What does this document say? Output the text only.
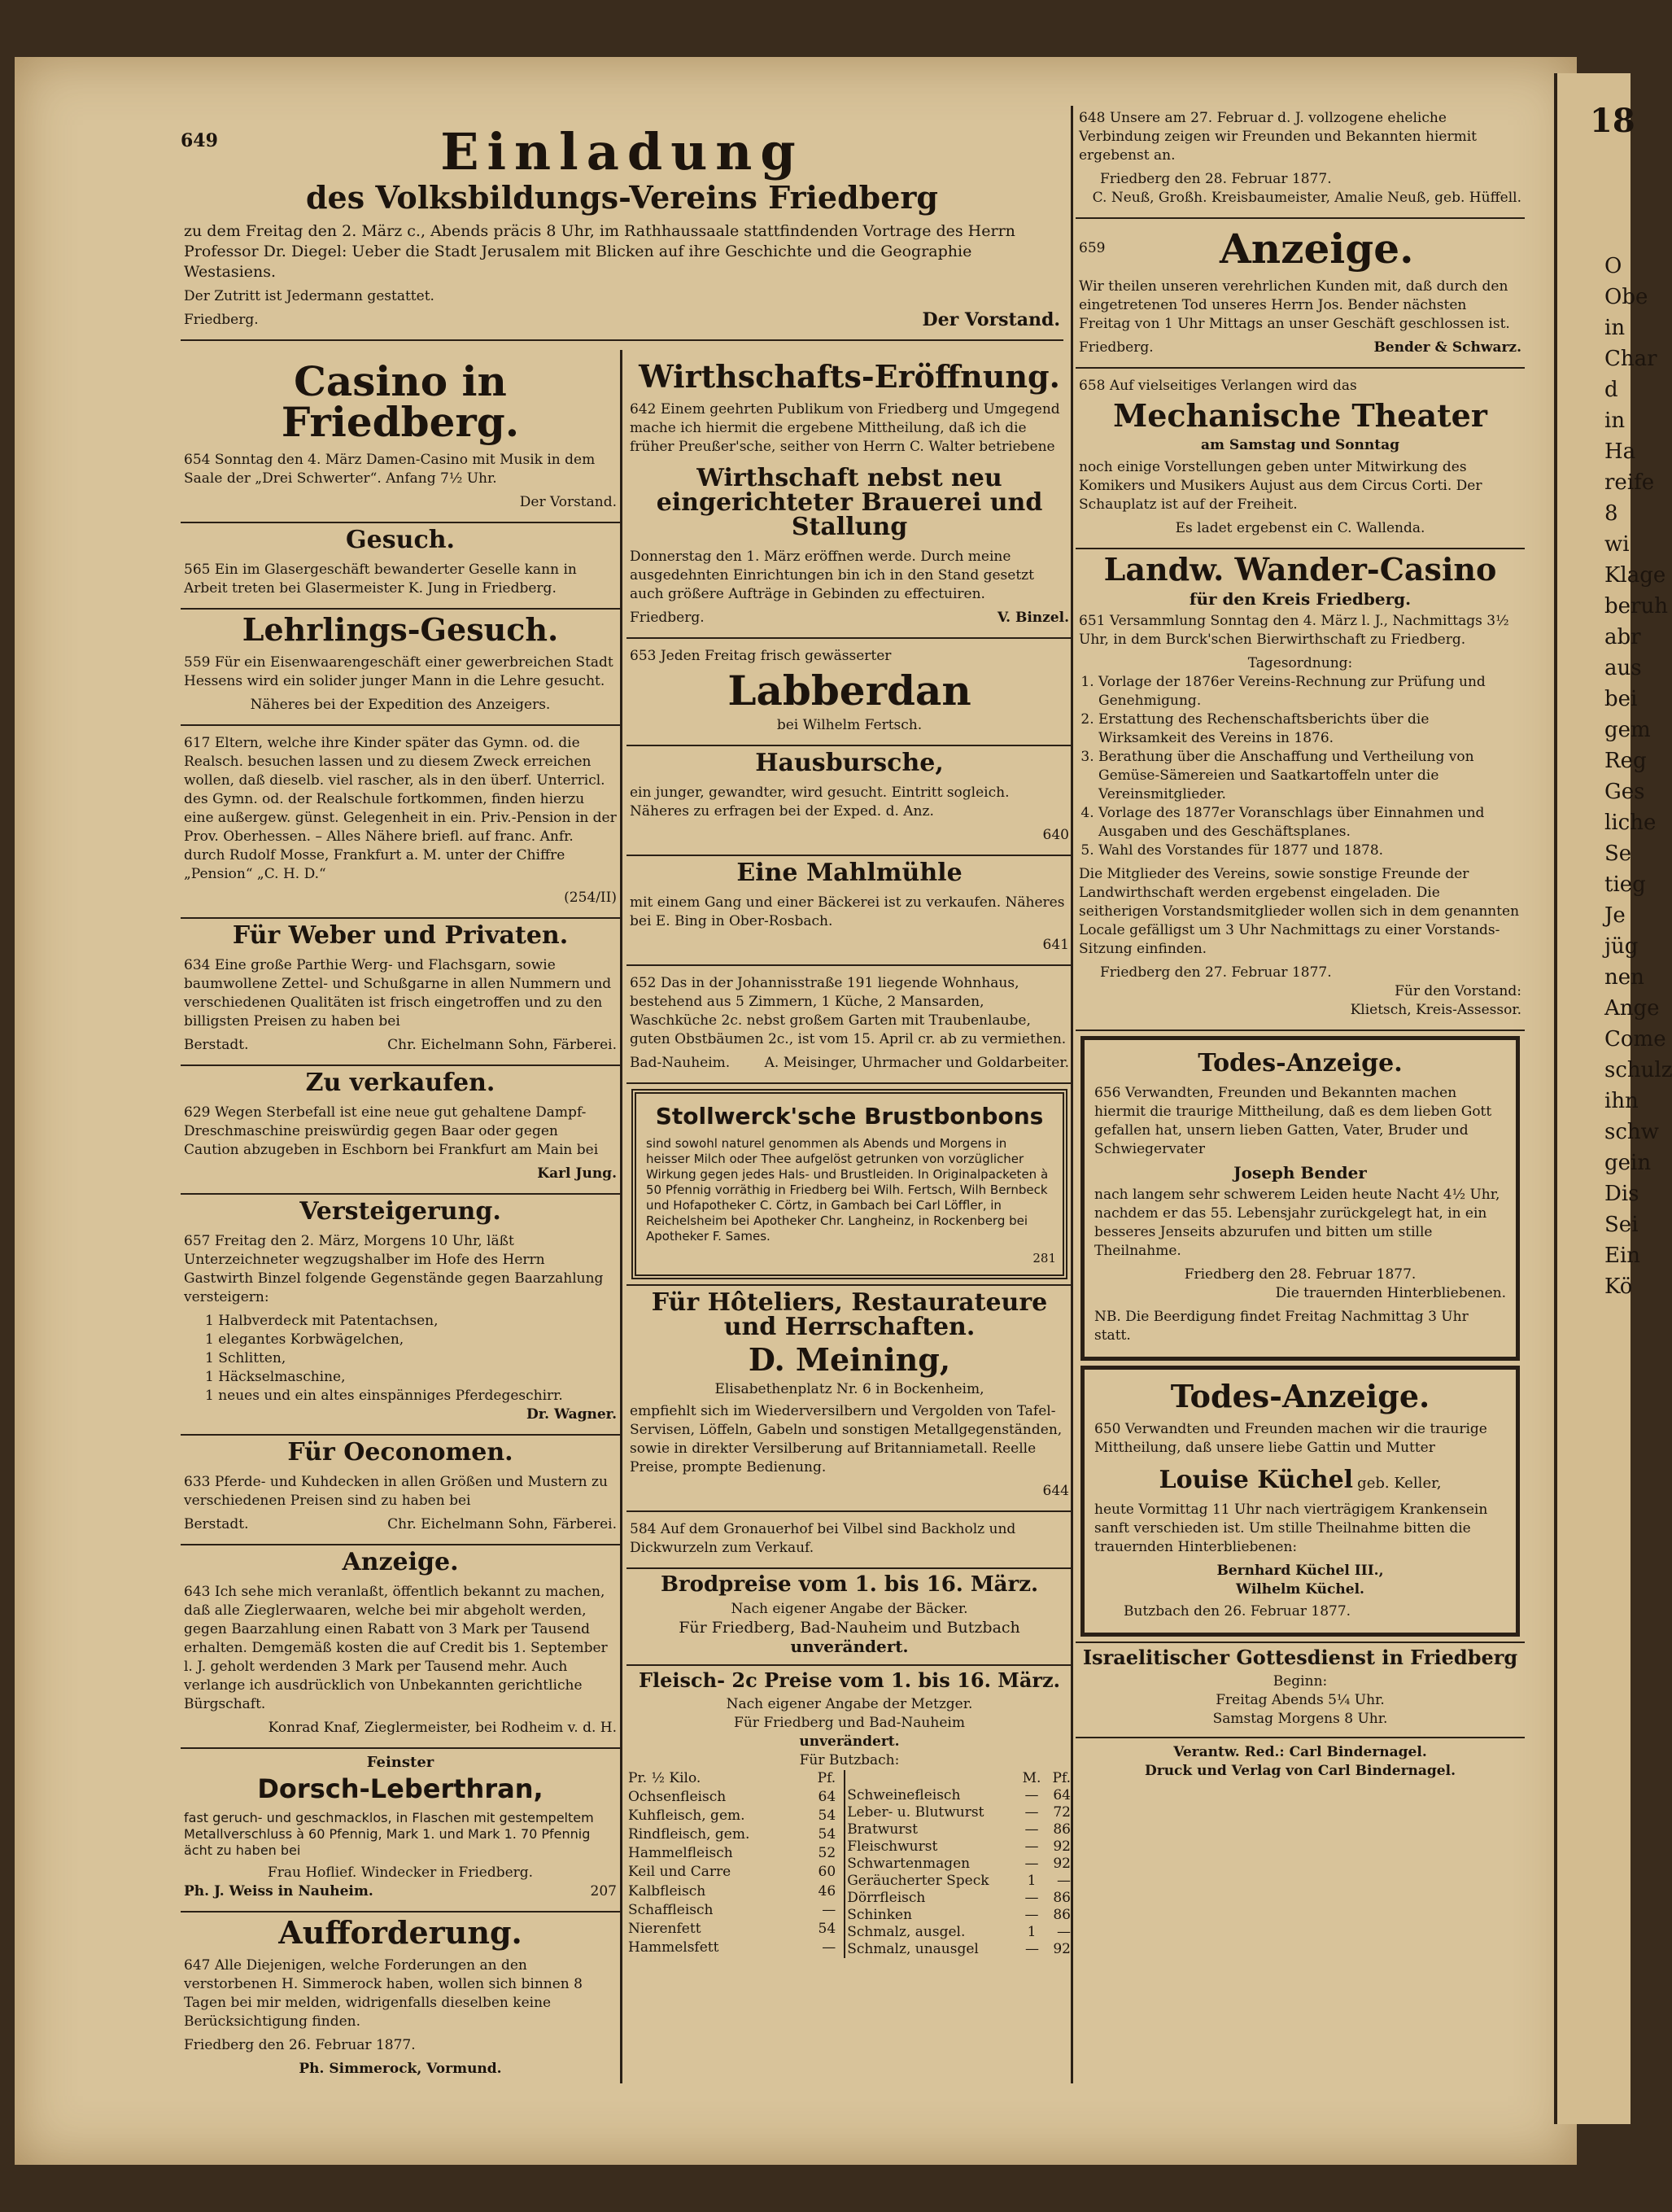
649	Einladung
des Volksbildungs-Vereins Friedberg
zu dem Freitag den 2. März c., Abends präcis 8 Uhr, im Rathhaussaale stattfindenden Vortrage des Herrn Professor Dr. Diegel: Ueber die Stadt Jerusalem mit Blicken auf ihre Geschichte und die Geographie Westasiens.
Der Zutritt ist Jedermann gestattet.
Friedberg.	Der Vorstand.
Casino in Friedberg.
654 Sonntag den 4. März Damen-Casino mit Musik in dem Saale der „Drei Schwerter“. Anfang 7½ Uhr.
Der Vorstand.
Gesuch.
565 Ein im Glasergeschäft bewanderter Geselle kann in Arbeit treten bei Glasermeister K. Jung in Friedberg.
Lehrlings-Gesuch.
559 Für ein Eisenwaarengeschäft einer gewerbreichen Stadt Hessens wird ein solider junger Mann in die Lehre gesucht.
Näheres bei der Expedition des Anzeigers.
617 Eltern, welche ihre Kinder später das Gymn. od. die Realsch. besuchen lassen und zu diesem Zweck erreichen wollen, daß dieselb. viel rascher, als in den überf. Unterricl. des Gymn. od. der Realschule fortkommen, finden hierzu eine außergew. günst. Gelegenheit in ein. Priv.-Pension in der Prov. Oberhessen. – Alles Nähere briefl. auf franc. Anfr. durch Rudolf Mosse, Frankfurt a. M. unter der Chiffre „Pension“ „C. H. D.“
(254/II)
Für Weber und Privaten.
634 Eine große Parthie Werg- und Flachsgarn, sowie baumwollene Zettel- und Schußgarne in allen Nummern und verschiedenen Qualitäten ist frisch eingetroffen und zu den billigsten Preisen zu haben bei
Berstadt.	Chr. Eichelmann Sohn, Färberei.
Zu verkaufen.
629 Wegen Sterbefall ist eine neue gut gehaltene Dampf-Dreschmaschine preiswürdig gegen Baar oder gegen Caution abzugeben in Eschborn bei Frankfurt am Main bei
Karl Jung.
Versteigerung.
657 Freitag den 2. März, Morgens 10 Uhr, läßt Unterzeichneter wegzugshalber im Hofe des Herrn Gastwirth Binzel folgende Gegenstände gegen Baarzahlung versteigern:
1 Halbverdeck mit Patentachsen,
1 elegantes Korbwägelchen,
1 Schlitten,
1 Häckselmaschine,
1 neues und ein altes einspänniges Pferdegeschirr.
Dr. Wagner.
Für Oeconomen.
633 Pferde- und Kuhdecken in allen Größen und Mustern zu verschiedenen Preisen sind zu haben bei
Berstadt.	Chr. Eichelmann Sohn, Färberei.
Anzeige.
643 Ich sehe mich veranlaßt, öffentlich bekannt zu machen, daß alle Zieglerwaaren, welche bei mir abgeholt werden, gegen Baarzahlung einen Rabatt von 3 Mark per Tausend erhalten. Demgemäß kosten die auf Credit bis 1. September l. J. geholt werdenden 3 Mark per Tausend mehr. Auch verlange ich ausdrücklich von Unbekannten gerichtliche Bürgschaft.
Konrad Knaf, Zieglermeister, bei Rodheim v. d. H.
Feinster
Dorsch-Leberthran,
fast geruch- und geschmacklos, in Flaschen mit gestempeltem Metallverschluss à 60 Pfennig, Mark 1. und Mark 1. 70 Pfennig ächt zu haben bei
Frau Hoflief. Windecker in Friedberg.
Ph. J. Weiss in Nauheim.	207
Aufforderung.
647 Alle Diejenigen, welche Forderungen an den verstorbenen H. Simmerock haben, wollen sich binnen 8 Tagen bei mir melden, widrigenfalls dieselben keine Berücksichtigung finden.
Friedberg den 26. Februar 1877.
Ph. Simmerock, Vormund.
Wirthschafts-Eröffnung.
642 Einem geehrten Publikum von Friedberg und Umgegend mache ich hiermit die ergebene Mittheilung, daß ich die früher Preußer'sche, seither von Herrn C. Walter betriebene
Wirthschaft nebst neu eingerichteter Brauerei und Stallung
Donnerstag den 1. März eröffnen werde. Durch meine ausgedehnten Einrichtungen bin ich in den Stand gesetzt auch größere Aufträge in Gebinden zu effectuiren.
Friedberg.	V. Binzel.
653 Jeden Freitag frisch gewässerter
Labberdan
bei Wilhelm Fertsch.
Hausbursche,
ein junger, gewandter, wird gesucht. Eintritt sogleich. Näheres zu erfragen bei der Exped. d. Anz.
640
Eine Mahlmühle
mit einem Gang und einer Bäckerei ist zu verkaufen. Näheres bei E. Bing in Ober-Rosbach.
641
652 Das in der Johannisstraße 191 liegende Wohnhaus, bestehend aus 5 Zimmern, 1 Küche, 2 Mansarden, Waschküche 2c. nebst großem Garten mit Traubenlaube, guten Obstbäumen 2c., ist vom 15. April cr. ab zu vermiethen.
Bad-Nauheim. A. Meisinger, Uhrmacher und Goldarbeiter.
Stollwerck'sche Brustbonbons
sind sowohl naturel genommen als Abends und Morgens in heisser Milch oder Thee aufgelöst getrunken von vorzüglicher Wirkung gegen jedes Hals- und Brustleiden. In Originalpacketen à 50 Pfennig vorräthig in Friedberg bei Wilh. Fertsch, Wilh Bernbeck und Hofapotheker C. Cörtz, in Gambach bei Carl Löffler, in Reichelsheim bei Apotheker Chr. Langheinz, in Rockenberg bei Apotheker F. Sames.
281
Für Hôteliers, Restaurateure und Herrschaften.
D. Meining,
Elisabethenplatz Nr. 6 in Bockenheim,
empfiehlt sich im Wiederversilbern und Vergolden von Tafel-Servisen, Löffeln, Gabeln und sonstigen Metallgegenständen, sowie in direkter Versilberung auf Britanniametall. Reelle Preise, prompte Bedienung.
644
584 Auf dem Gronauerhof bei Vilbel sind Backholz und Dickwurzeln zum Verkauf.
Brodpreise vom 1. bis 16. März.
Nach eigener Angabe der Bäcker.
Für Friedberg, Bad-Nauheim und Butzbach
unverändert.
Fleisch- 2c Preise vom 1. bis 16. März.
Nach eigener Angabe der Metzger.
Für Friedberg und Bad-Nauheim
unverändert.
Für Butzbach:
Pr. ½ Kilo.	Pf.
Ochsenfleisch	64
Kuhfleisch, gem.	54
Rindfleisch, gem.	54
Hammelfleisch	52
Keil und Carre	60
Kalbfleisch	46
Schaffleisch	—
Nierenfett	54
Hammelsfett	—
	M.	Pf.
Schweinefleisch	—	64
Leber- u. Blutwurst	—	72
Bratwurst	—	86
Fleischwurst	—	92
Schwartenmagen	—	92
Geräucherter Speck	1	—
Dörrfleisch	—	86
Schinken	—	86
Schmalz, ausgel.	1	—
Schmalz, unausgel	—	92
648 Unsere am 27. Februar d. J. vollzogene eheliche Verbindung zeigen wir Freunden und Bekannten hiermit ergebenst an.
Friedberg den 28. Februar 1877.
C. Neuß, Großh. Kreisbaumeister, Amalie Neuß, geb. Hüffell.
659	Anzeige.
Wir theilen unseren verehrlichen Kunden mit, daß durch den eingetretenen Tod unseres Herrn Jos. Bender nächsten Freitag von 1 Uhr Mittags an unser Geschäft geschlossen ist.
Friedberg.	Bender & Schwarz.
658 Auf vielseitiges Verlangen wird das
Mechanische Theater
am Samstag und Sonntag
noch einige Vorstellungen geben unter Mitwirkung des Komikers und Musikers Aujust aus dem Circus Corti. Der Schauplatz ist auf der Freiheit.
Es ladet ergebenst ein C. Wallenda.
Landw. Wander-Casino
für den Kreis Friedberg.
651 Versammlung Sonntag den 4. März l. J., Nachmittags 3½ Uhr, in dem Burck'schen Bierwirthschaft zu Friedberg.
Tagesordnung:
1. Vorlage der 1876er Vereins-Rechnung zur Prüfung und Genehmigung.
2. Erstattung des Rechenschaftsberichts über die Wirksamkeit des Vereins in 1876.
3. Berathung über die Anschaffung und Vertheilung von Gemüse-Sämereien und Saatkartoffeln unter die Vereinsmitglieder.
4. Vorlage des 1877er Voranschlags über Einnahmen und Ausgaben und des Geschäftsplanes.
5. Wahl des Vorstandes für 1877 und 1878.
Die Mitglieder des Vereins, sowie sonstige Freunde der Landwirthschaft werden ergebenst eingeladen. Die seitherigen Vorstandsmitglieder wollen sich in dem genannten Locale gefälligst um 3 Uhr Nachmittags zu einer Vorstands-Sitzung einfinden.
Friedberg den 27. Februar 1877.
Für den Vorstand:
Klietsch, Kreis-Assessor.
Todes-Anzeige.
656 Verwandten, Freunden und Bekannten machen hiermit die traurige Mittheilung, daß es dem lieben Gott gefallen hat, unsern lieben Gatten, Vater, Bruder und Schwiegervater
Joseph Bender
nach langem sehr schwerem Leiden heute Nacht 4½ Uhr, nachdem er das 55. Lebensjahr zurückgelegt hat, in ein besseres Jenseits abzurufen und bitten um stille Theilnahme.
Friedberg den 28. Februar 1877.
Die trauernden Hinterbliebenen.
NB. Die Beerdigung findet Freitag Nachmittag 3 Uhr statt.
Todes-Anzeige.
650 Verwandten und Freunden machen wir die traurige Mittheilung, daß unsere liebe Gattin und Mutter
Louise Küchel geb. Keller,
heute Vormittag 11 Uhr nach vierträgigem Krankensein sanft verschieden ist. Um stille Theilnahme bitten die trauernden Hinterbliebenen:
Bernhard Küchel III.,
Wilhelm Küchel.
Butzbach den 26. Februar 1877.
Israelitischer Gottesdienst in Friedberg
Beginn:
Freitag Abends 5¼ Uhr.
Samstag Morgens 8 Uhr.
Verantw. Red.: Carl Bindernagel.
Druck und Verlag von Carl Bindernagel.
18
O
Obe
in
Char
d
in
Ha
reife
8
wi
Klage
beruh
abr
aus
bei
gem
Reg
Ges
liche
Se
tieg
Je
jüg
nen
Ange
Come
schulz
ihn
schw
gein
Dis
Sei
Ein
Kö
